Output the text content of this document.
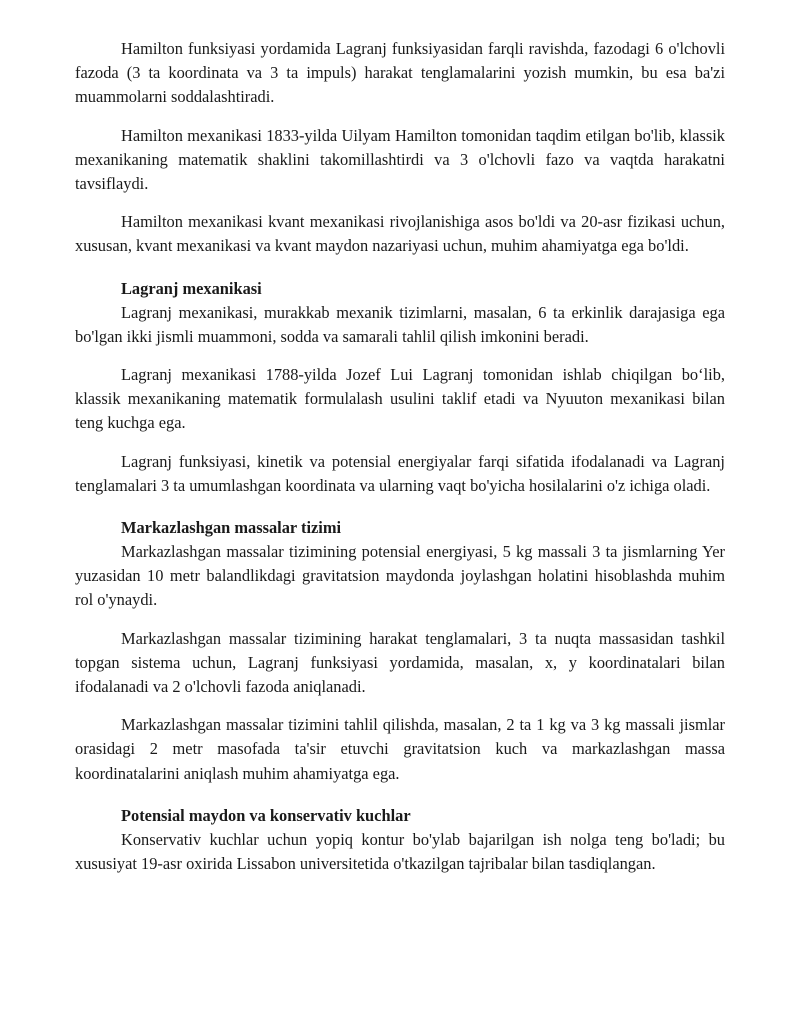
Hamilton funksiyasi yordamida Lagranj funksiyasidan farqli ravishda, fazodagi 6 o'lchovli fazoda (3 ta koordinata va 3 ta impuls) harakat tenglamalarini yozish mumkin, bu esa ba'zi muammolarni soddalashtiradi.

Hamilton mexanikasi 1833-yilda Uilyam Hamilton tomonidan taqdim etilgan bo'lib, klassik mexanikaning matematik shaklini takomillashtirdi va 3 o'lchovli fazo va vaqtda harakatni tavsiflaydi.

Hamilton mexanikasi kvant mexanikasi rivojlanishiga asos bo'ldi va 20-asr fizikasi uchun, xususan, kvant mexanikasi va kvant maydon nazariyasi uchun, muhim ahamiyatga ega bo'ldi.

Lagranj mexanikasi

Lagranj mexanikasi, murakkab mexanik tizimlarni, masalan, 6 ta erkinlik darajasiga ega bo'lgan ikki jismli muammoni, sodda va samarali tahlil qilish imkonini beradi.

Lagranj mexanikasi 1788-yilda Jozef Lui Lagranj tomonidan ishlab chiqilgan bo‘lib, klassik mexanikaning matematik formulalash usulini taklif etadi va Nyuuton mexanikasi bilan teng kuchga ega.

Lagranj funksiyasi, kinetik va potensial energiyalar farqi sifatida ifodalanadi va Lagranj tenglamalari 3 ta umumlashgan koordinata va ularning vaqt bo'yicha hosilalarini o'z ichiga oladi.

Markazlashgan massalar tizimi

Markazlashgan massalar tizimining potensial energiyasi, 5 kg massali 3 ta jismlarning Yer yuzasidan 10 metr balandlikdagi gravitatsion maydonda joylashgan holatini hisoblashda muhim rol o'ynaydi.

Markazlashgan massalar tizimining harakat tenglamalari, 3 ta nuqta massasidan tashkil topgan sistema uchun, Lagranj funksiyasi yordamida, masalan, x, y koordinatalari bilan ifodalanadi va 2 o'lchovli fazoda aniqlanadi.

Markazlashgan massalar tizimini tahlil qilishda, masalan, 2 ta 1 kg va 3 kg massali jismlar orasidagi 2 metr masofada ta'sir etuvchi gravitatsion kuch va markazlashgan massa koordinatalarini aniqlash muhim ahamiyatga ega.

Potensial maydon va konservativ kuchlar

Konservativ kuchlar uchun yopiq kontur bo'ylab bajarilgan ish nolga teng bo'ladi; bu xususiyat 19-asr oxirida Lissabon universitetida o'tkazilgan tajribalar bilan tasdiqlangan.
